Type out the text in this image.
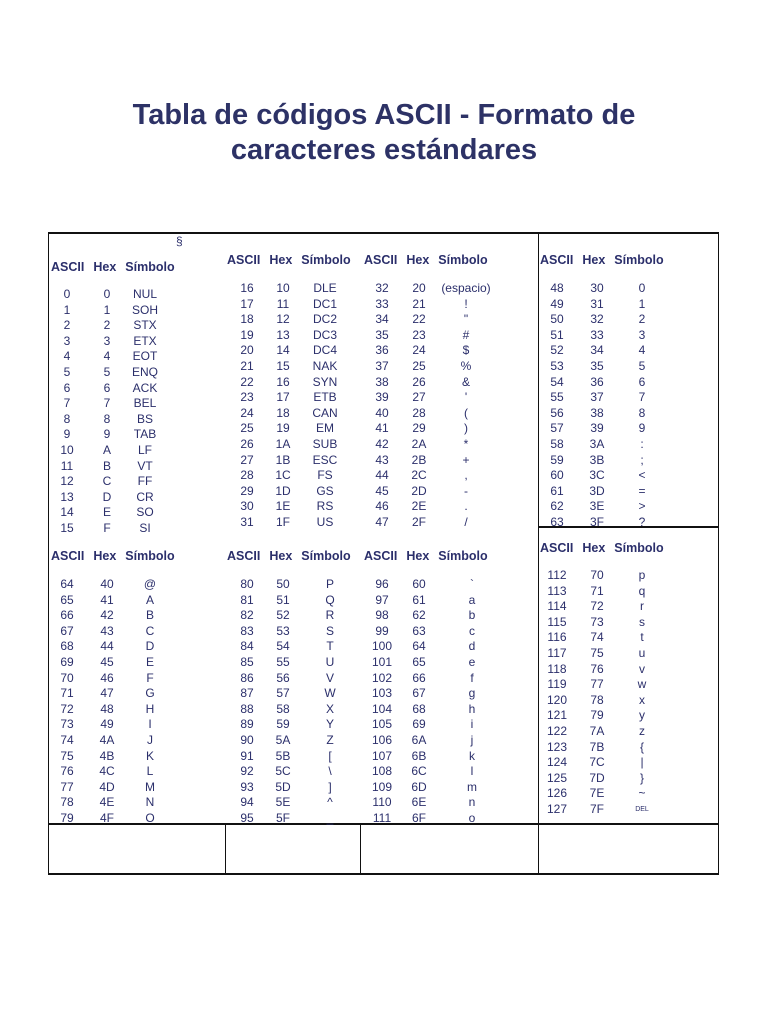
Tabla de códigos ASCII - Formato de
caracteres estándares
§
ASCII Hex Símbolo
0
1
2
3
4
5
6
7
8
9
10
11
12
13
14
15
0
1
2
3
4
5
6
7
8
9
A
B
C
D
E
F
NUL
SOH
STX
ETX
EOT
ENQ
ACK
BEL
BS
TAB
LF
VT
FF
CR
SO
SI
ASCII Hex Símbolo
16
17
18
19
20
21
22
23
24
25
26
27
28
29
30
31
10
11
12
13
14
15
16
17
18
19
1A
1B
1C
1D
1E
1F
DLE
DC1
DC2
DC3
DC4
NAK
SYN
ETB
CAN
EM
SUB
ESC
FS
GS
RS
US
ASCII Hex Símbolo
32
33
34
35
36
37
38
39
40
41
42
43
44
45
46
47
20
21
22
23
24
25
26
27
28
29
2A
2B
2C
2D
2E
2F
(espacio)
!
"
#
$
%
&
'
(
)
*
+
,
-
.
/
ASCII Hex Símbolo
48
49
50
51
52
53
54
55
56
57
58
59
60
61
62
63
30
31
32
33
34
35
36
37
38
39
3A
3B
3C
3D
3E
3F
0
1
2
3
4
5
6
7
8
9
:
;
<
=
>
?
ASCII Hex Símbolo
64
65
66
67
68
69
70
71
72
73
74
75
76
77
78
79
40
41
42
43
44
45
46
47
48
49
4A
4B
4C
4D
4E
4F
@
A
B
C
D
E
F
G
H
I
J
K
L
M
N
O
ASCII Hex Símbolo
80
81
82
83
84
85
86
87
88
89
90
91
92
93
94
95
50
51
52
53
54
55
56
57
58
59
5A
5B
5C
5D
5E
5F
P
Q
R
S
T
U
V
W
X
Y
Z
[
\
]
^
_
ASCII Hex Símbolo
96
97
98
99
100
101
102
103
104
105
106
107
108
109
110
111
60
61
62
63
64
65
66
67
68
69
6A
6B
6C
6D
6E
6F
`
a
b
c
d
e
f
g
h
i
j
k
l
m
n
o
ASCII Hex Símbolo
112
113
114
115
116
117
118
119
120
121
122
123
124
125
126
127
70
71
72
73
74
75
76
77
78
79
7A
7B
7C
7D
7E
7F
p
q
r
s
t
u
v
w
x
y
z
{
|
}
~
DEL
